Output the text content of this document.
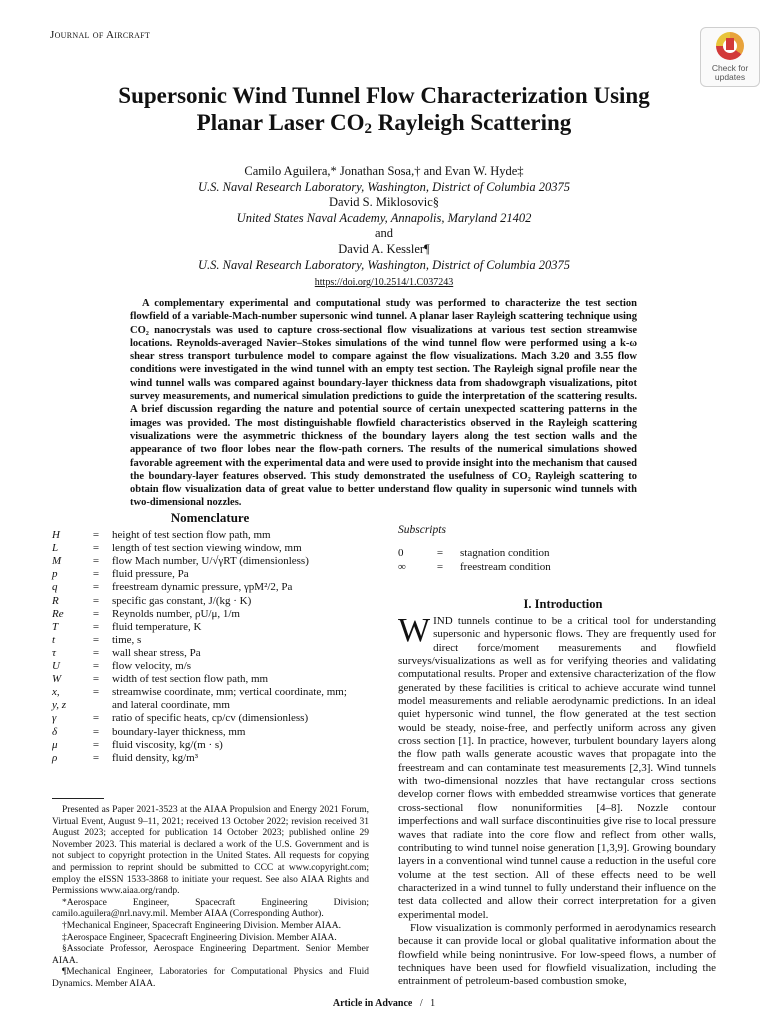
Journal of Aircraft
Check for
updates
Supersonic Wind Tunnel Flow Characterization Using
Planar Laser $CO_2$ Rayleigh Scattering
Camilo Aguilera,* Jonathan Sosa,† and Evan W. Hyde‡
U.S. Naval Research Laboratory, Washington, District of Columbia 20375
David S. Miklosovic§
United States Naval Academy, Annapolis, Maryland 21402
and
David A. Kessler¶
U.S. Naval Research Laboratory, Washington, District of Columbia 20375
https://doi.org/10.2514/1.C037243

A complementary experimental and computational study was performed to characterize the test section flowfield of a variable-Mach-number supersonic wind tunnel. A planar laser Rayleigh scattering technique using CO₂ nanocrystals was used to capture cross-sectional flow visualizations at various test section streamwise locations. Reynolds-averaged Navier–Stokes simulations of the wind tunnel flow were performed using a k-ω shear stress transport turbulence model to compare against the flow visualizations. Mach 3.20 and 3.55 flow conditions were investigated in the wind tunnel with an empty test section. The Rayleigh signal profile near the wind tunnel walls was compared against boundary-layer thickness data from shadowgraph visualizations, pitot survey measurements, and numerical simulation predictions to guide the interpretation of the scattering results. A brief discussion regarding the nature and potential source of certain unexpected scattering patterns in the images was provided. The most distinguishable flowfield characteristics observed in the Rayleigh scattering visualizations were the asymmetric thickness of the boundary layers along the test section walls and the appearance of two floor lobes near the flow-path corners. The results of the numerical simulations showed favorable agreement with the experimental data and were used to provide insight into the mechanism that caused the boundary-layer features observed. This study demonstrated the usefulness of CO₂ Rayleigh scattering to obtain flow visualization data of great value to better understand flow quality in supersonic wind tunnels with two-dimensional nozzles.

Nomenclature
H	= height of test section flow path, mm
L	= length of test section viewing window, mm
M	= flow Mach number, U/√γRT (dimensionless)
p	= fluid pressure, Pa
q	= freestream dynamic pressure, γpM²/2, Pa
R	= specific gas constant, J/(kg · K)
Re	= Reynolds number, ρU/μ, 1/m
T	= fluid temperature, K
t	= time, s
τ	= wall shear stress, Pa
U	= flow velocity, m/s
W	= width of test section flow path, mm
x,	= streamwise coordinate, mm; vertical coordinate, mm;
y, z	and lateral coordinate, mm
γ	= ratio of specific heats, cp/cv (dimensionless)
δ	= boundary-layer thickness, mm
μ	= fluid viscosity, kg/(m · s)
ρ	= fluid density, kg/m³
Subscripts
0	= stagnation condition
∞	= freestream condition
I. Introduction

WIND tunnels continue to be a critical tool for understanding supersonic and hypersonic flows. They are frequently used for direct force/moment measurements and flowfield surveys/visualizations as well as for verifying theories and validating computational results. Proper and extensive characterization of the flow generated by these facilities is critical to achieve accurate wind tunnel model measurements and reliable aerodynamic predictions. In an ideal quiet hypersonic wind tunnel, the flow generated at the test section would be steady, noise-free, and perfectly uniform across any given cross section [1]. In practice, however, turbulent boundary layers along the flow path walls generate acoustic waves that propagate into the freestream and can contaminate test measurements [2,3]. Wind tunnels with two-dimensional nozzles that have rectangular cross sections develop corner flows with embedded streamwise vortices that generate cross-sectional flow nonuniformities [4–8]. Nozzle contour imperfections and wall surface discontinuities give rise to local pressure waves that radiate into the core flow and reflect from other walls, contributing to wind tunnel noise generation [1,3,9]. Growing boundary layers in a conventional wind tunnel cause a reduction in the useful core volume at the test section. All of these effects need to be well characterized in a wind tunnel to fully understand their influence on the test data collected and allow their correct interpretation for a given experimental model.

Flow visualization is commonly performed in aerodynamics research because it can provide local or global qualitative information about the flowfield while being nonintrusive. For low-speed flows, a number of techniques have been used for flowfield visualization, including the entrainment of petroleum-based combustion smoke,

Presented as Paper 2021-3523 at the AIAA Propulsion and Energy 2021 Forum, Virtual Event, August 9–11, 2021; received 13 October 2022; revision received 31 August 2023; accepted for publication 14 October 2023; published online 29 November 2023. This material is declared a work of the U.S. Government and is not subject to copyright protection in the United States. All requests for copying and permission to reprint should be submitted to CCC at www.copyright.com; employ the eISSN 1533-3868 to initiate your request. See also AIAA Rights and Permissions www.aiaa.org/randp.

*Aerospace Engineer, Spacecraft Engineering Division; camilo.aguilera@nrl.navy.mil. Member AIAA (Corresponding Author).

†Mechanical Engineer, Spacecraft Engineering Division. Member AIAA.

‡Aerospace Engineer, Spacecraft Engineering Division. Member AIAA.

§Associate Professor, Aerospace Engineering Department. Senior Member AIAA.

¶Mechanical Engineer, Laboratories for Computational Physics and Fluid Dynamics. Member AIAA.

Article in Advance / 1
